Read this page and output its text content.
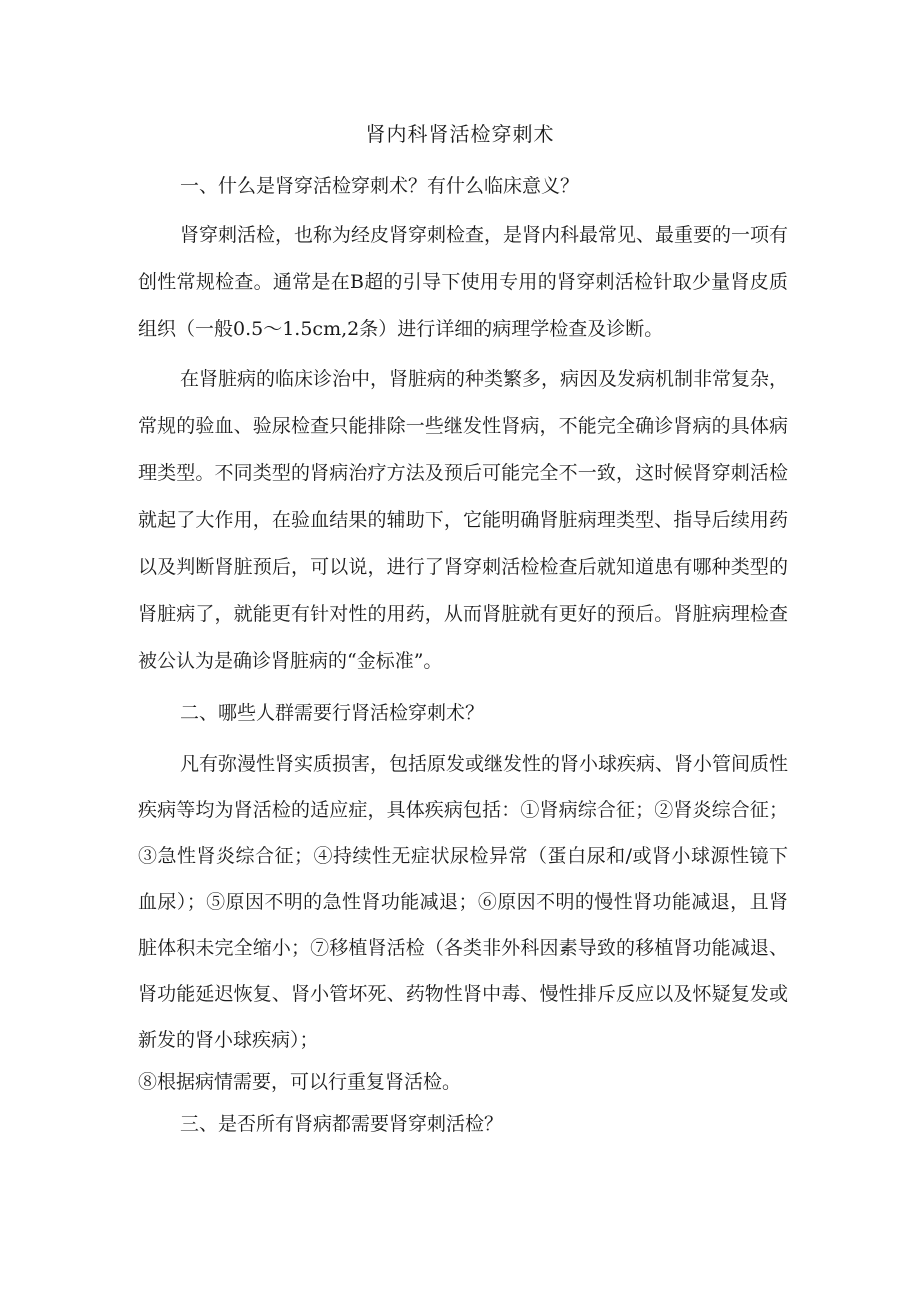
肾内科肾活检穿刺术
一、什么是肾穿活检穿刺术？有什么临床意义？
肾穿刺活检，也称为经皮肾穿刺检查，是肾内科最常见、最重要的一项有创性常规检查。通常是在B超的引导下使用专用的肾穿刺活检针取少量肾皮质组织（一般0.5～1.5cm,2条）进行详细的病理学检查及诊断。
在肾脏病的临床诊治中，肾脏病的种类繁多，病因及发病机制非常复杂，常规的验血、验尿检查只能排除一些继发性肾病，不能完全确诊肾病的具体病理类型。不同类型的肾病治疗方法及预后可能完全不一致，这时候肾穿刺活检就起了大作用，在验血结果的辅助下，它能明确肾脏病理类型、指导后续用药以及判断肾脏预后，可以说，进行了肾穿刺活检检查后就知道患有哪种类型的肾脏病了，就能更有针对性的用药，从而肾脏就有更好的预后。肾脏病理检查被公认为是确诊肾脏病的“金标准”。
二、哪些人群需要行肾活检穿刺术？
凡有弥漫性肾实质损害，包括原发或继发性的肾小球疾病、肾小管间质性疾病等均为肾活检的适应症，具体疾病包括：①肾病综合征；②肾炎综合征；③急性肾炎综合征；④持续性无症状尿检异常（蛋白尿和/或肾小球源性镜下血尿）；⑤原因不明的急性肾功能减退；⑥原因不明的慢性肾功能减退，且肾脏体积未完全缩小；⑦移植肾活检（各类非外科因素导致的移植肾功能减退、肾功能延迟恢复、肾小管坏死、药物性肾中毒、慢性排斥反应以及怀疑复发或新发的肾小球疾病）；
⑧根据病情需要，可以行重复肾活检。
三、是否所有肾病都需要肾穿刺活检？
